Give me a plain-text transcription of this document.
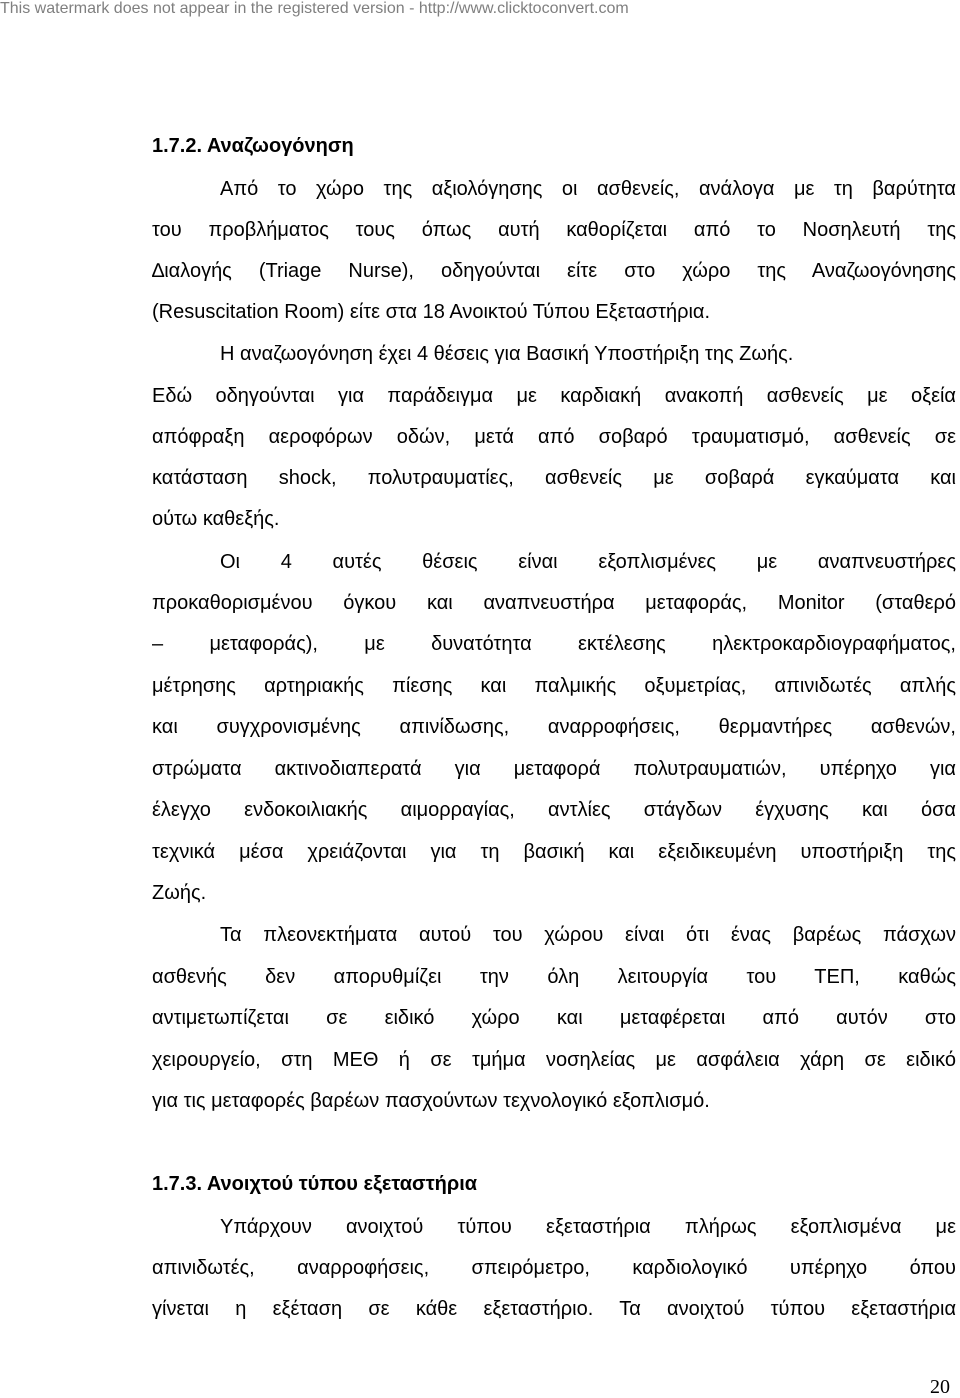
This watermark does not appear in the registered version - http://www.clicktoconvert.com
1.7.2. Αναζωογόνηση
Από το χώρο της αξιολόγησης οι ασθενείς, ανάλογα με τη βαρύτητα
του προβλήματος τους όπως αυτή καθορίζεται από το Νοσηλευτή της
∆ιαλογής (Triage Nurse), οδηγούνται είτε στο χώρο της Αναζωογόνησης
(Resuscitation Room) είτε στα 18 Ανοικτού Τύπου Εξεταστήρια.
Η αναζωογόνηση έχει 4 θέσεις για Βασική Υποστήριξη της Ζωής.
Εδώ οδηγούνται για παράδειγμα με καρδιακή ανακοπή ασθενείς με οξεία
απόφραξη αεροφόρων οδών, μετά από σοβαρό τραυματισμό, ασθενείς σε
κατάσταση shock, πολυτραυματίες, ασθενείς με σοβαρά εγκαύματα και
ούτω καθεξής.
Οι 4 αυτές θέσεις είναι εξοπλισμένες με αναπνευστήρες
προκαθορισμένου όγκου και αναπνευστήρα μεταφοράς, Monitor (σταθερό
– μεταφοράς), με δυνατότητα εκτέλεσης ηλεκτροκαρδιογραφήματος,
μέτρησης αρτηριακής πίεσης και παλμικής οξυμετρίας, απινιδωτές απλής
και συγχρονισμένης απινίδωσης, αναρροφήσεις, θερμαντήρες ασθενών,
στρώματα ακτινοδιαπερατά για μεταφορά πολυτραυματιών, υπέρηχο για
έλεγχο ενδοκοιλιακής αιμορραγίας, αντλίες στάγδων έγχυσης και όσα
τεχνικά μέσα χρειάζονται για τη βασική και εξειδικευμένη υποστήριξη της
Ζωής.
Τα πλεονεκτήματα αυτού του χώρου είναι ότι ένας βαρέως πάσχων
ασθενής δεν απορυθμίζει την όλη λειτουργία του ΤΕΠ, καθώς
αντιμετωπίζεται σε ειδικό χώρο και μεταφέρεται από αυτόν στο
χειρουργείο, στη ΜΕΘ ή σε τμήμα νοσηλείας με ασφάλεια χάρη σε ειδικό
για τις μεταφορές βαρέων πασχούντων τεχνολογικό εξοπλισμό.
1.7.3. Ανοιχτού τύπου εξεταστήρια
Υπάρχουν ανοιχτού τύπου εξεταστήρια πλήρως εξοπλισμένα με
απινιδωτές, αναρροφήσεις, σπειρόμετρο, καρδιολογικό υπέρηχο όπου
γίνεται η εξέταση σε κάθε εξεταστήριο. Τα ανοιχτού τύπου εξεταστήρια
20
